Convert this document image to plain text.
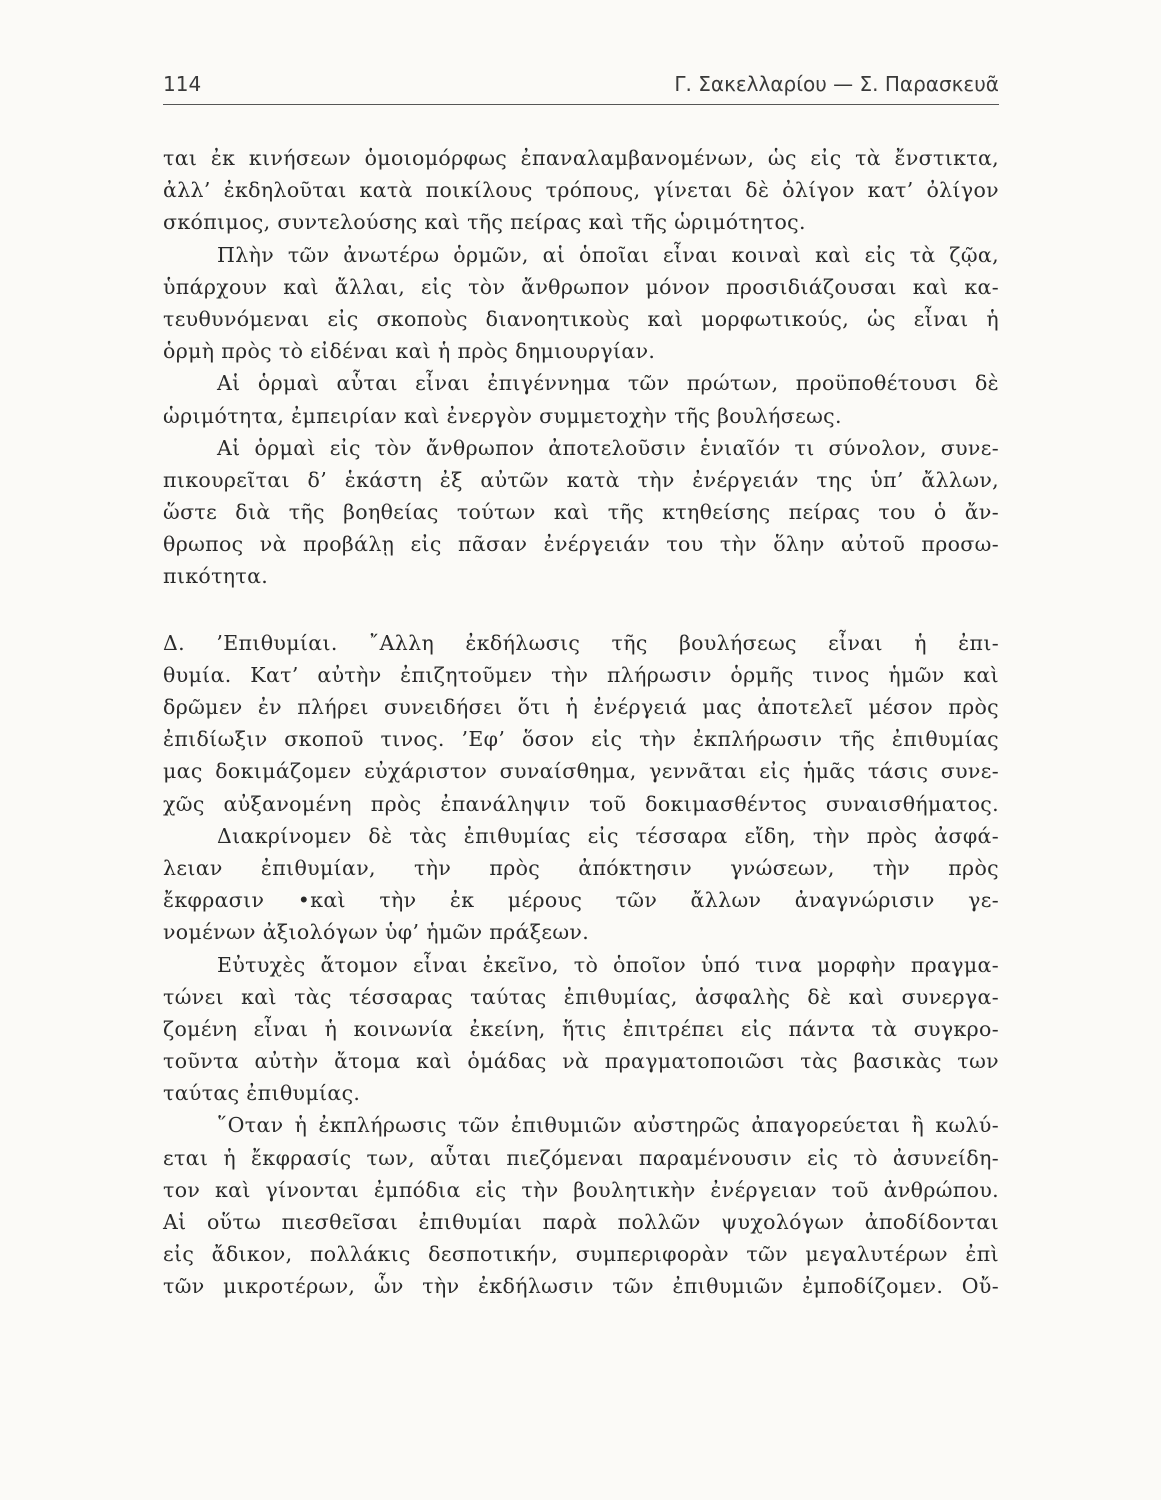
114	Γ. Σακελλαρίου — Σ. Παρασκευᾶ
ται ἐκ κινήσεων ὁμοιομόρφως ἐπαναλαμβανομένων, ὡς εἰς τὰ ἔνστικτα,
ἀλλ’ ἐκδηλοῦται κατὰ ποικίλους τρόπους, γίνεται δὲ ὀλίγον κατ’ ὀλίγον
σκόπιμος, συντελούσης καὶ τῆς πείρας καὶ τῆς ὡριμότητος.
Πλὴν τῶν ἀνωτέρω ὁρμῶν, αἱ ὁποῖαι εἶναι κοιναὶ καὶ εἰς τὰ ζῷα,
ὑπάρχουν καὶ ἄλλαι, εἰς τὸν ἄνθρωπον μόνον προσιδιάζουσαι καὶ κα-
τευθυνόμεναι εἰς σκοποὺς διανοητικοὺς καὶ μορφωτικούς, ὡς εἶναι ἡ
ὁρμὴ πρὸς τὸ εἰδέναι καὶ ἡ πρὸς δημιουργίαν.
Αἱ ὁρμαὶ αὗται εἶναι ἐπιγέννημα τῶν πρώτων, προϋποθέτουσι δὲ
ὡριμότητα, ἐμπειρίαν καὶ ἐνεργὸν συμμετοχὴν τῆς βουλήσεως.
Αἱ ὁρμαὶ εἰς τὸν ἄνθρωπον ἀποτελοῦσιν ἑνιαῖόν τι σύνολον, συνε-
πικουρεῖται δ’ ἑκάστη ἐξ αὐτῶν κατὰ τὴν ἐνέργειάν της ὑπ’ ἄλλων,
ὥστε διὰ τῆς βοηθείας τούτων καὶ τῆς κτηθείσης πείρας του ὁ ἄν-
θρωπος νὰ προβάλῃ εἰς πᾶσαν ἐνέργειάν του τὴν ὅλην αὐτοῦ προσω-
πικότητα.
Δ. ’Επιθυμίαι. ῎Αλλη ἐκδήλωσις τῆς βουλήσεως εἶναι ἡ ἐπι-
θυμία. Κατ’ αὐτὴν ἐπιζητοῦμεν τὴν πλήρωσιν ὁρμῆς τινος ἡμῶν καὶ
δρῶμεν ἐν πλήρει συνειδήσει ὅτι ἡ ἐνέργειά μας ἀποτελεῖ μέσον πρὸς
ἐπιδίωξιν σκοποῦ τινος. ’Εφ’ ὅσον εἰς τὴν ἐκπλήρωσιν τῆς ἐπιθυμίας
μας δοκιμάζομεν εὐχάριστον συναίσθημα, γεννᾶται εἰς ἡμᾶς τάσις συνε-
χῶς αὐξανομένη πρὸς ἐπανάληψιν τοῦ δοκιμασθέντος συναισθήματος.
Διακρίνομεν δὲ τὰς ἐπιθυμίας εἰς τέσσαρα εἴδη, τὴν πρὸς ἀσφά-
λειαν ἐπιθυμίαν, τὴν πρὸς ἀπόκτησιν γνώσεων, τὴν πρὸς
ἔκφρασιν •καὶ τὴν ἐκ μέρους τῶν ἄλλων ἀναγνώρισιν γε-
νομένων ἀξιολόγων ὑφ’ ἡμῶν πράξεων.
Εὐτυχὲς ἄτομον εἶναι ἐκεῖνο, τὸ ὁποῖον ὑπό τινα μορφὴν πραγμα-
τώνει καὶ τὰς τέσσαρας ταύτας ἐπιθυμίας, ἀσφαλὴς δὲ καὶ συνεργα-
ζομένη εἶναι ἡ κοινωνία ἐκείνη, ἥτις ἐπιτρέπει εἰς πάντα τὰ συγκρο-
τοῦντα αὐτὴν ἄτομα καὶ ὁμάδας νὰ πραγματοποιῶσι τὰς βασικὰς των
ταύτας ἐπιθυμίας.
῞Οταν ἡ ἐκπλήρωσις τῶν ἐπιθυμιῶν αὐστηρῶς ἀπαγορεύεται ἢ κωλύ-
εται ἡ ἔκφρασίς των, αὗται πιεζόμεναι παραμένουσιν εἰς τὸ ἀσυνείδη-
τον καὶ γίνονται ἐμπόδια εἰς τὴν βουλητικὴν ἐνέργειαν τοῦ ἀνθρώπου.
Αἱ οὕτω πιεσθεῖσαι ἐπιθυμίαι παρὰ πολλῶν ψυχολόγων ἀποδίδονται
εἰς ἄδικον, πολλάκις δεσποτικήν, συμπεριφορὰν τῶν μεγαλυτέρων ἐπὶ
τῶν μικροτέρων, ὧν τὴν ἐκδήλωσιν τῶν ἐπιθυμιῶν ἐμποδίζομεν. Οὔ-
